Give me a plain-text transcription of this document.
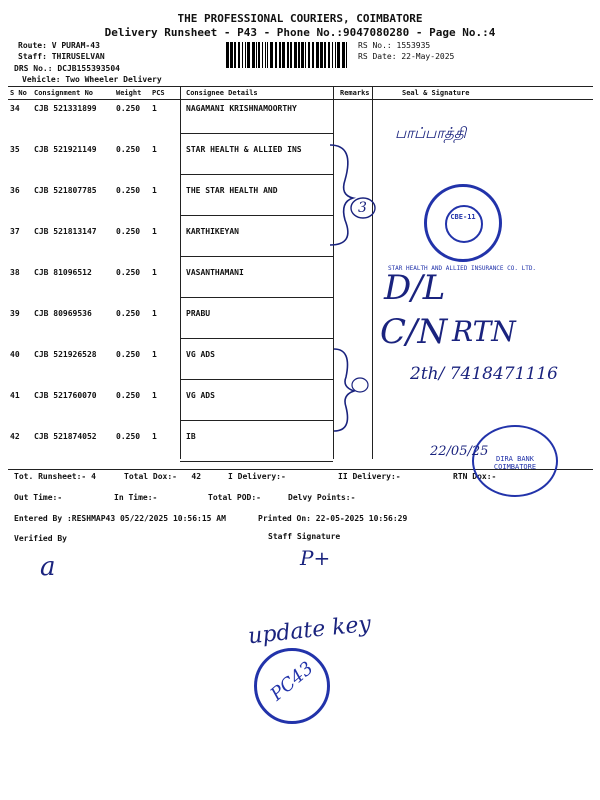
THE PROFESSIONAL COURIERS, COIMBATORE
Delivery Runsheet - P43 - Phone No.:9047080280 - Page No.:4
Route: V PURAM-43
Staff: THIRUSELVAN
DRS No.: DCJB155393504
Vehicle: Two Wheeler Delivery
RS No.: 1553935
RS Date: 22-May-2025
S No	Consignment No	Weight	PCS	Consignee Details	Remarks	Seal & Signature
34	CJB 521331899	0.250	1	NAGAMANI KRISHNAMOORTHY		
35	CJB 521921149	0.250	1	STAR HEALTH & ALLIED INS		
36	CJB 521807785	0.250	1	THE STAR HEALTH AND		
37	CJB 521813147	0.250	1	KARTHIKEYAN		
38	CJB 81096512	0.250	1	VASANTHAMANI		
39	CJB 80969536	0.250	1	PRABU		
40	CJB 521926528	0.250	1	VG ADS		
41	CJB 521760070	0.250	1	VG ADS		
42	CJB 521874052	0.250	1	IB		
Tot. Runsheet:- 4	Total Dox:-   42	I Delivery:-	II Delivery:-	RTN Dox:-
Out Time:-	In Time:-	Total POD:-	Delvy Points:-
Entered By :RESHMAP43 05/22/2025 10:56:15 AM	Printed On: 22-05-2025 10:56:29
Verified By	Staff Signature
பாப்பாத்தி
3
CBE-11
STAR HEALTH AND ALLIED INSURANCE CO. LTD.
D/L
C/N RTN
2th/ 7418471116
DIRA BANK COIMBATORE
22/05/25
a	P+
update key
PC43
